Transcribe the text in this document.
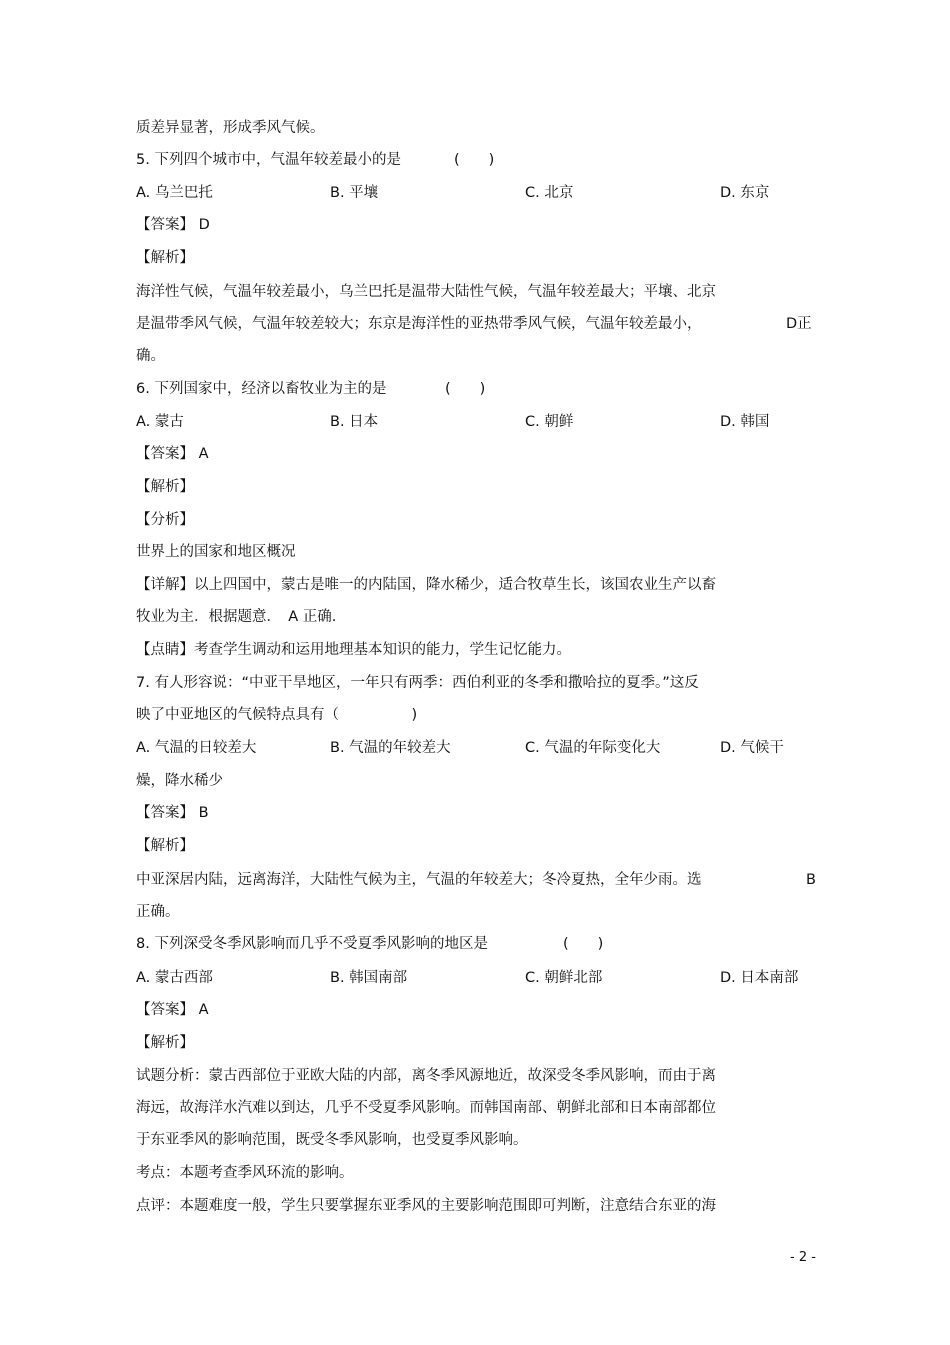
质差异显著，形成季风气候。
5. 下列四个城市中，气温年较差最小的是	(　　)
A. 乌兰巴托	B. 平壤	C. 北京	D. 东京
【答案】 D
【解析】
海洋性气候，气温年较差最小，乌兰巴托是温带大陆性气候，气温年较差最大；平壤、北京
是温带季风气候，气温年较差较大；东京是海洋性的亚热带季风气候，气温年较差最小，	D正
确。
6. 下列国家中，经济以畜牧业为主的是	(　　)
A. 蒙古	B. 日本	C. 朝鲜	D. 韩国
【答案】 A
【解析】
【分析】
世界上的国家和地区概况
【详解】以上四国中，蒙古是唯一的内陆国，降水稀少，适合牧草生长，该国农业生产以畜
牧业为主．根据题意．　A 正确.
【点睛】考查学生调动和运用地理基本知识的能力，学生记忆能力。
7. 有人形容说：“中亚干旱地区，一年只有两季：西伯利亚的冬季和撒哈拉的夏季。”这反
映了中亚地区的气候特点具有（　　　　　)
A. 气温的日较差大	B. 气温的年较差大	C. 气温的年际变化大	D. 气候干
燥，降水稀少
【答案】 B
【解析】
中亚深居内陆，远离海洋，大陆性气候为主，气温的年较差大；冬冷夏热，全年少雨。选	B
正确。
8. 下列深受冬季风影响而几乎不受夏季风影响的地区是	(　　)
A. 蒙古西部	B. 韩国南部	C. 朝鲜北部	D. 日本南部
【答案】 A
【解析】
试题分析：蒙古西部位于亚欧大陆的内部，离冬季风源地近，故深受冬季风影响，而由于离
海远，故海洋水汽难以到达，几乎不受夏季风影响。而韩国南部、朝鲜北部和日本南部都位
于东亚季风的影响范围，既受冬季风影响，也受夏季风影响。
考点：本题考查季风环流的影响。
点评：本题难度一般，学生只要掌握东亚季风的主要影响范围即可判断，注意结合东亚的海
- 2 -
